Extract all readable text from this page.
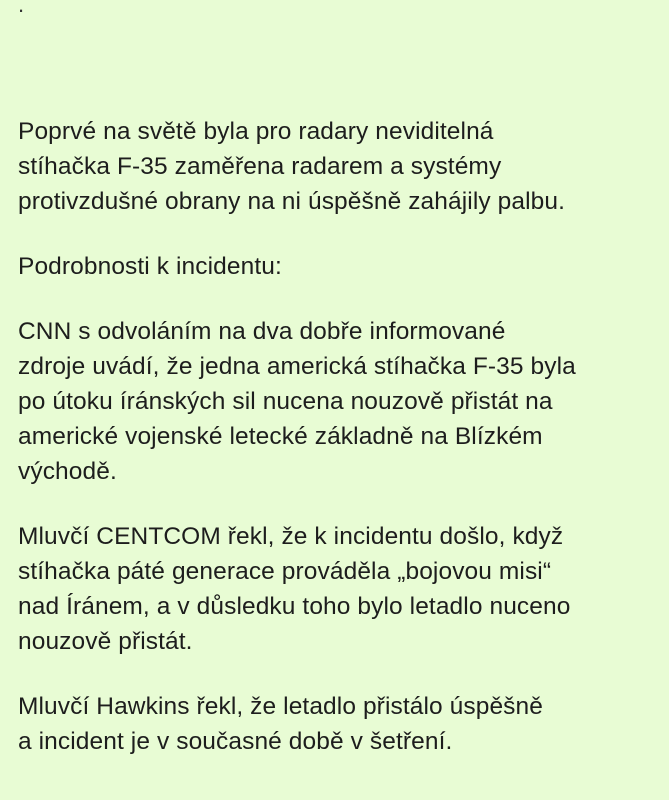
.

Poprvé na světě byla pro radary neviditelná
stíhačka F-35 zaměřena radarem a systémy
protivzdušné obrany na ni úspěšně zahájily palbu.

Podrobnosti k incidentu:

CNN s odvoláním na dva dobře informované
zdroje uvádí, že jedna americká stíhačka F-35 byla
po útoku íránských sil nucena nouzově přistát na
americké vojenské letecké základně na Blízkém
východě.

Mluvčí CENTCOM řekl, že k incidentu došlo, když
stíhačka páté generace prováděla „bojovou misi“
nad Íránem, a v důsledku toho bylo letadlo nuceno
nouzově přistát.

Mluvčí Hawkins řekl, že letadlo přistálo úspěšně
a incident je v současné době v šetření.
